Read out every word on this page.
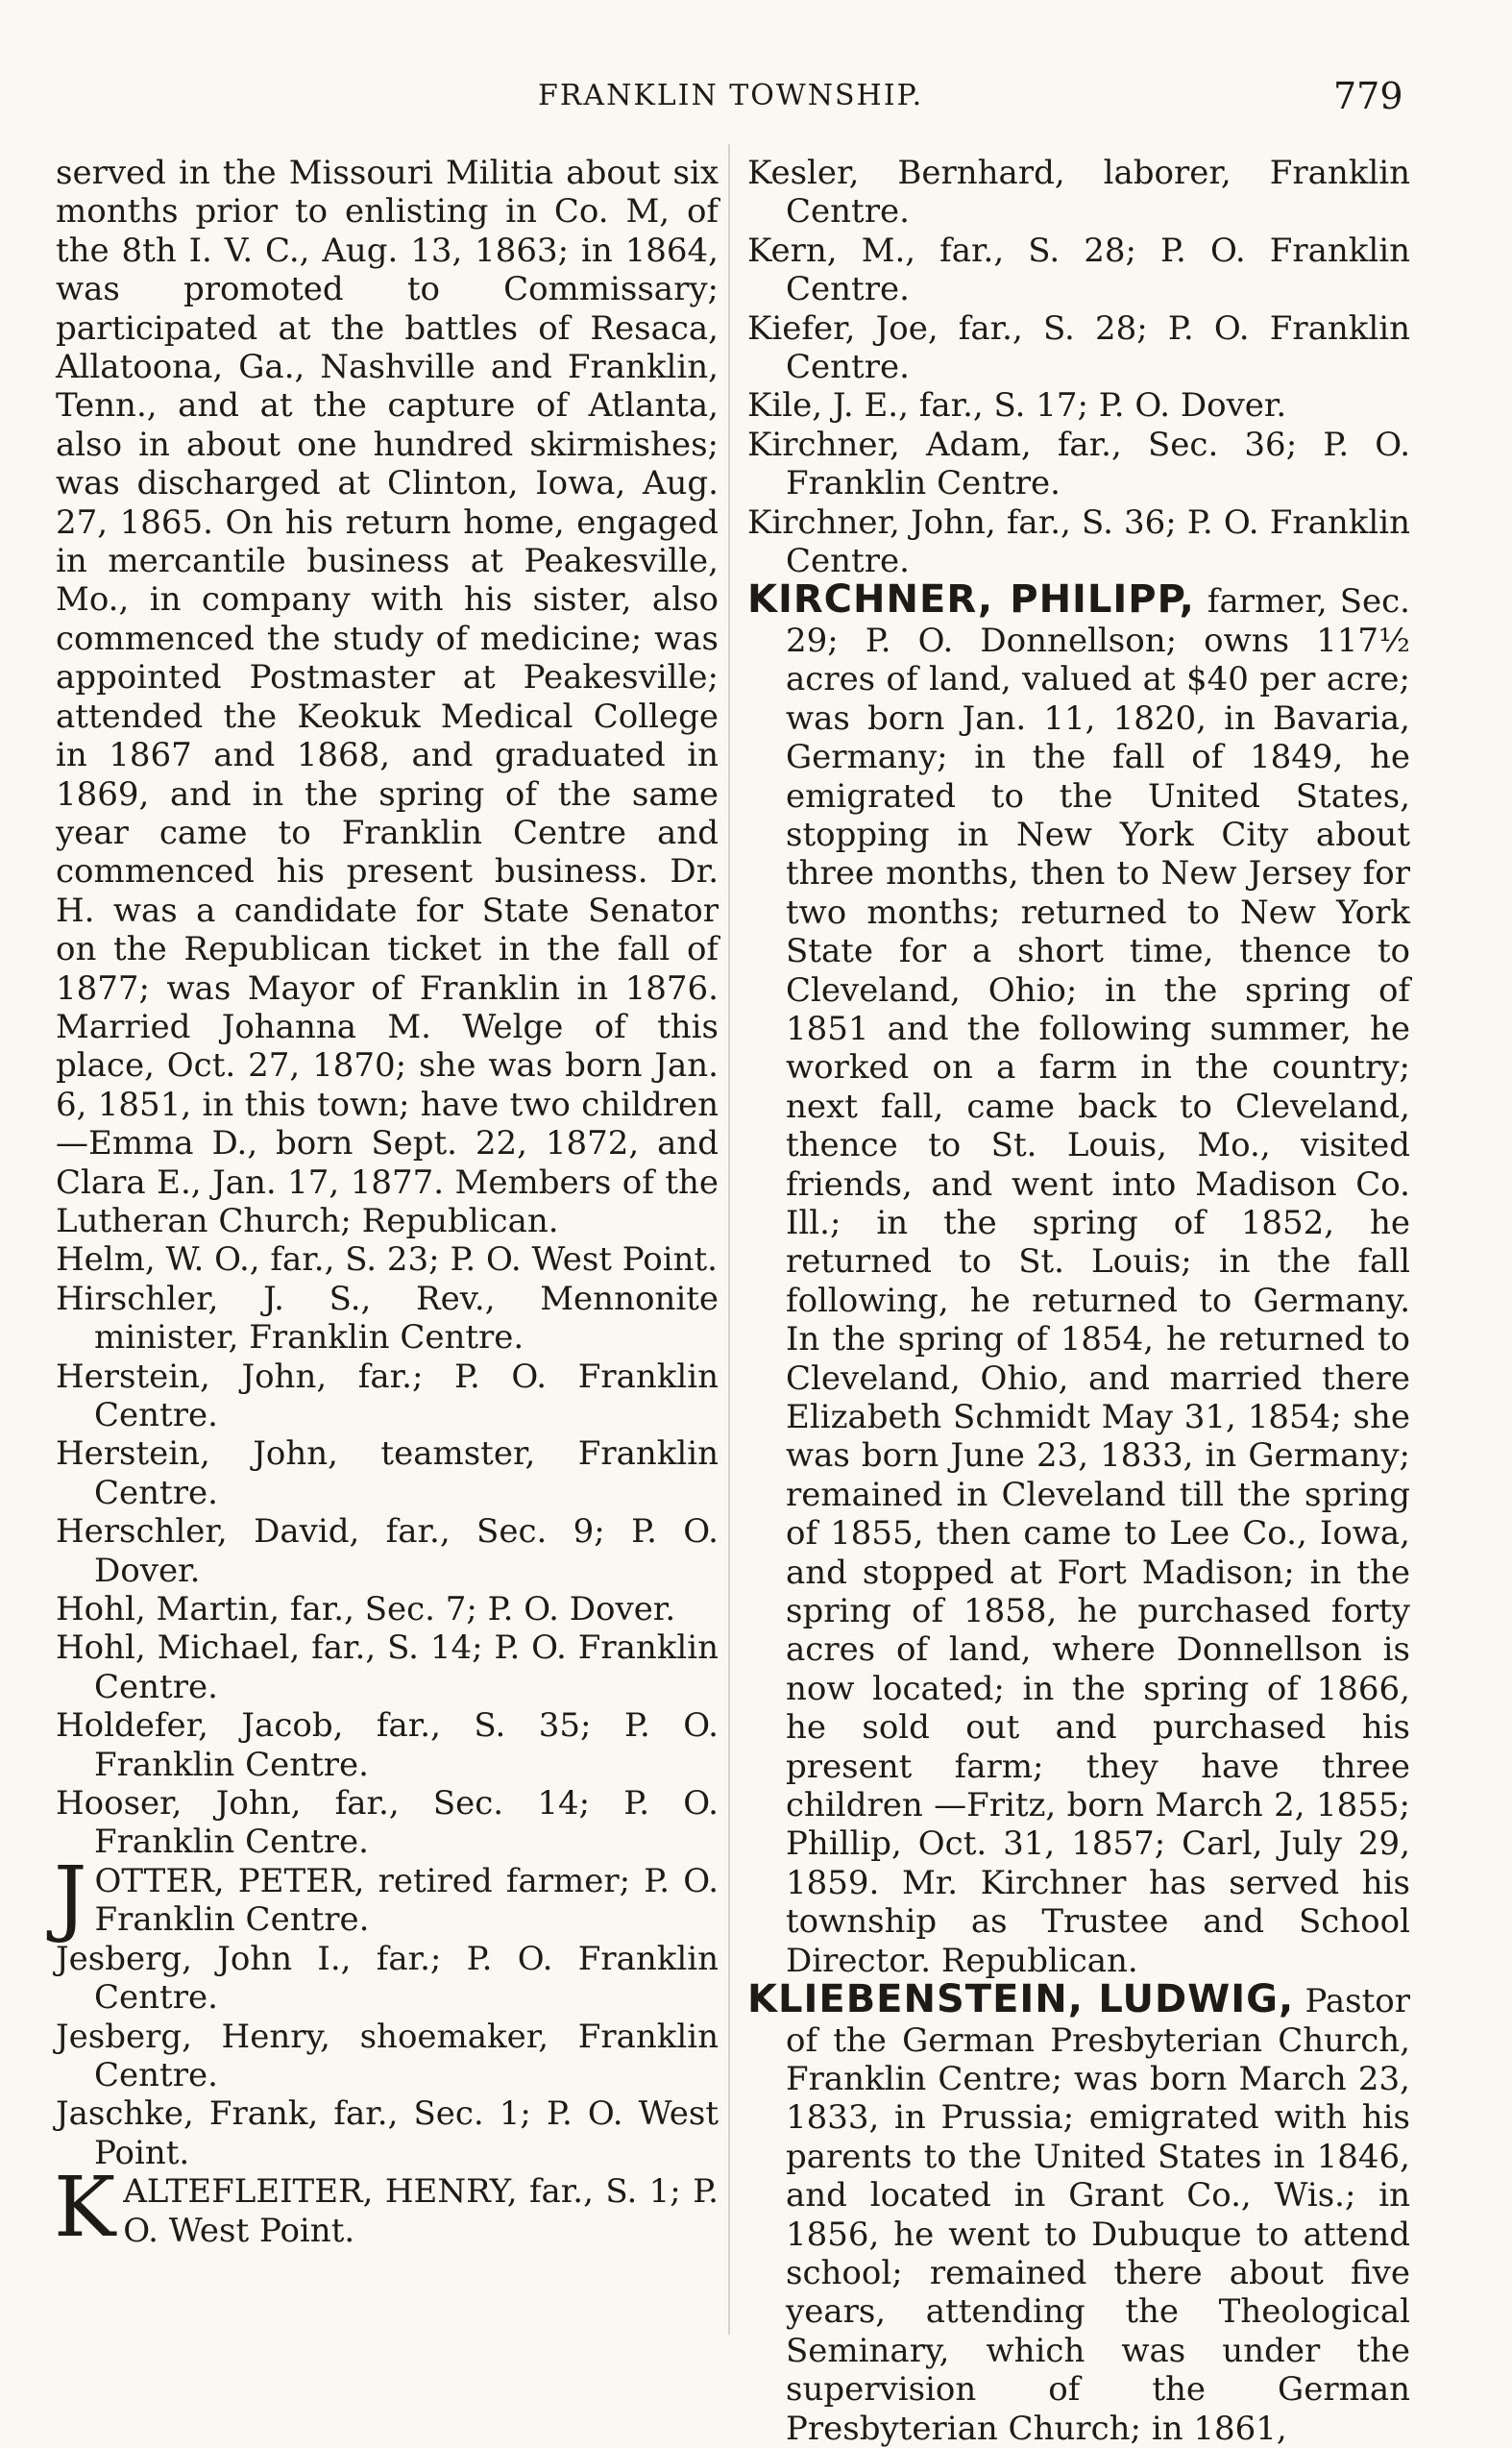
FRANKLIN TOWNSHIP.	779
served in the Missouri Militia about six months prior to enlisting in Co. M, of the 8th I. V. C., Aug. 13, 1863; in 1864, was promoted to Commissary; participated at the battles of Resaca, Allatoona, Ga., Nashville and Franklin, Tenn., and at the capture of Atlanta, also in about one hundred skirmishes; was discharged at Clinton, Iowa, Aug. 27, 1865. On his return home, engaged in mercantile business at Peakesville, Mo., in company with his sister, also commenced the study of medicine; was appointed Postmaster at Peakesville; attended the Keokuk Medical College in 1867 and 1868, and graduated in 1869, and in the spring of the same year came to Franklin Centre and commenced his present business. Dr. H. was a candidate for State Senator on the Republican ticket in the fall of 1877; was Mayor of Franklin in 1876. Married Johanna M. Welge of this place, Oct. 27, 1870; she was born Jan. 6, 1851, in this town; have two children—Emma D., born Sept. 22, 1872, and Clara E., Jan. 17, 1877. Members of the Lutheran Church; Republican.
Helm, W. O., far., S. 23; P. O. West Point.
Hirschler, J. S., Rev., Mennonite minister, Franklin Centre.
Herstein, John, far.; P. O. Franklin Centre.
Herstein, John, teamster, Franklin Centre.
Herschler, David, far., Sec. 9; P. O. Dover.
Hohl, Martin, far., Sec. 7; P. O. Dover.
Hohl, Michael, far., S. 14; P. O. Franklin Centre.
Holdefer, Jacob, far., S. 35; P. O. Franklin Centre.
Hooser, John, far., Sec. 14; P. O. Franklin Centre.
J OTTER, PETER, retired farmer; P. O. Franklin Centre.
Jesberg, John I., far.; P. O. Franklin Centre.
Jesberg, Henry, shoemaker, Franklin Centre.
Jaschke, Frank, far., Sec. 1; P. O. West Point.
K ALTEFLEITER, HENRY, far., S. 1; P. O. West Point.
Kesler, Bernhard, laborer, Franklin Centre.
Kern, M., far., S. 28; P. O. Franklin Centre.
Kiefer, Joe, far., S. 28; P. O. Franklin Centre.
Kile, J. E., far., S. 17; P. O. Dover.
Kirchner, Adam, far., Sec. 36; P. O. Franklin Centre.
Kirchner, John, far., S. 36; P. O. Franklin Centre.
KIRCHNER, PHILIPP, farmer, Sec. 29; P. O. Donnellson; owns 117½ acres of land, valued at $40 per acre; was born Jan. 11, 1820, in Bavaria, Germany; in the fall of 1849, he emigrated to the United States, stopping in New York City about three months, then to New Jersey for two months; returned to New York State for a short time, thence to Cleveland, Ohio; in the spring of 1851 and the following summer, he worked on a farm in the country; next fall, came back to Cleveland, thence to St. Louis, Mo., visited friends, and went into Madison Co. Ill.; in the spring of 1852, he returned to St. Louis; in the fall following, he returned to Germany. In the spring of 1854, he returned to Cleveland, Ohio, and married there Elizabeth Schmidt May 31, 1854; she was born June 23, 1833, in Germany; remained in Cleveland till the spring of 1855, then came to Lee Co., Iowa, and stopped at Fort Madison; in the spring of 1858, he purchased forty acres of land, where Donnellson is now located; in the spring of 1866, he sold out and purchased his present farm; they have three children —Fritz, born March 2, 1855; Phillip, Oct. 31, 1857; Carl, July 29, 1859. Mr. Kirchner has served his township as Trustee and School Director. Republican.
KLIEBENSTEIN, LUDWIG, Pastor of the German Presbyterian Church, Franklin Centre; was born March 23, 1833, in Prussia; emigrated with his parents to the United States in 1846, and located in Grant Co., Wis.; in 1856, he went to Dubuque to attend school; remained there about five years, attending the Theological Seminary, which was under the supervision of the German Presbyterian Church; in 1861,
